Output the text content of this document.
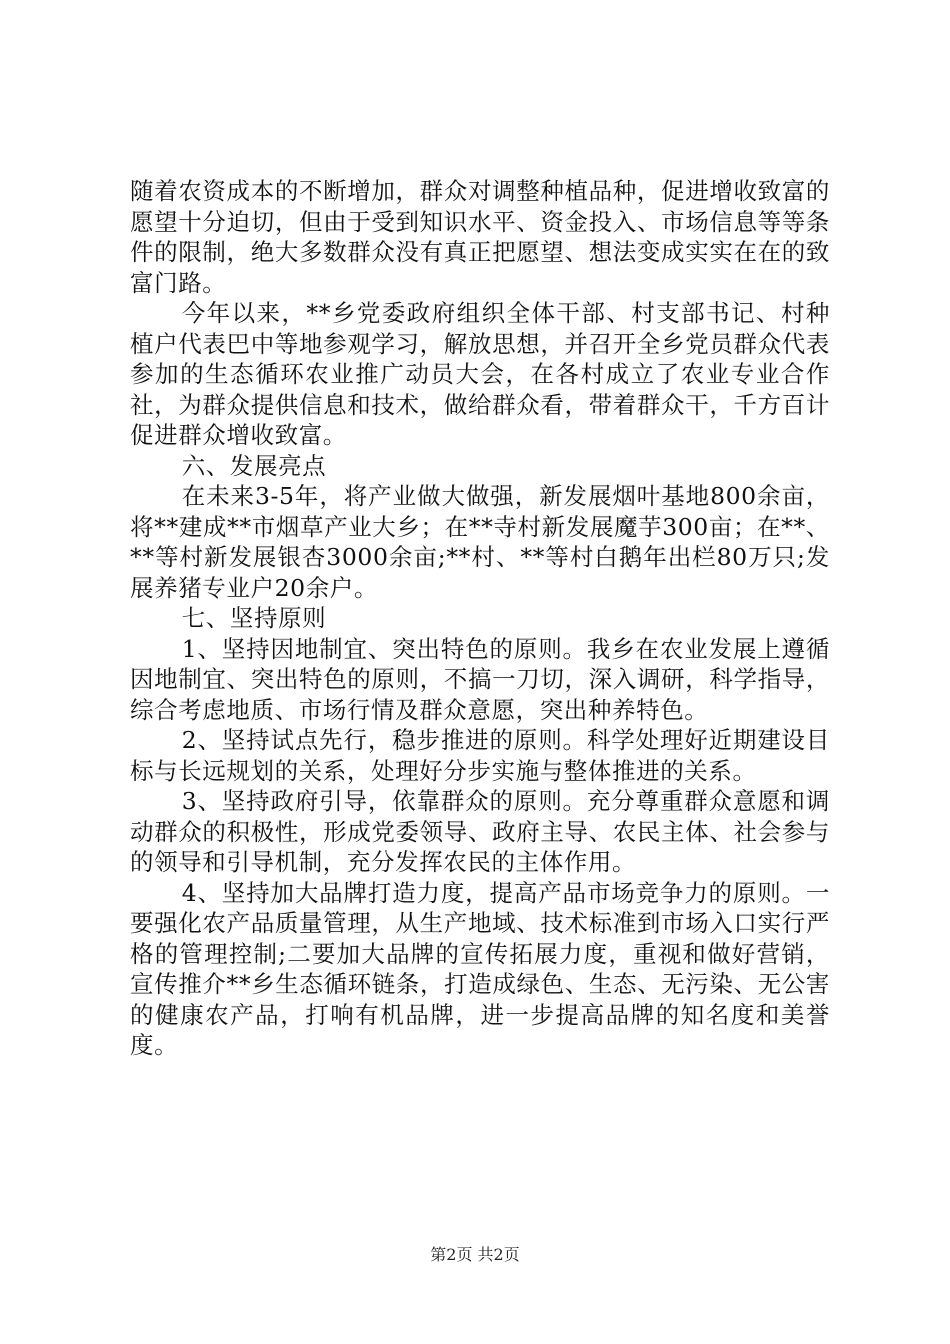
随着农资成本的不断增加，群众对调整种植品种，促进增收致富的愿望十分迫切，但由于受到知识水平、资金投入、市场信息等等条件的限制，绝大多数群众没有真正把愿望、想法变成实实在在的致富门路。

今年以来，**乡党委政府组织全体干部、村支部书记、村种植户代表巴中等地参观学习，解放思想，并召开全乡党员群众代表参加的生态循环农业推广动员大会，在各村成立了农业专业合作社，为群众提供信息和技术，做给群众看，带着群众干，千方百计促进群众增收致富。

六、发展亮点

在未来3-5年，将产业做大做强，新发展烟叶基地800余亩，将**建成**市烟草产业大乡；在**寺村新发展魔芋300亩；在**、**等村新发展银杏3000余亩;**村、**等村白鹅年出栏80万只;发展养猪专业户20余户。

七、坚持原则

1、坚持因地制宜、突出特色的原则。我乡在农业发展上遵循因地制宜、突出特色的原则，不搞一刀切，深入调研，科学指导，综合考虑地质、市场行情及群众意愿，突出种养特色。

2、坚持试点先行，稳步推进的原则。科学处理好近期建设目标与长远规划的关系，处理好分步实施与整体推进的关系。

3、坚持政府引导，依靠群众的原则。充分尊重群众意愿和调动群众的积极性，形成党委领导、政府主导、农民主体、社会参与的领导和引导机制，充分发挥农民的主体作用。

4、坚持加大品牌打造力度，提高产品市场竞争力的原则。一要强化农产品质量管理，从生产地域、技术标准到市场入口实行严格的管理控制;二要加大品牌的宣传拓展力度，重视和做好营销，宣传推介**乡生态循环链条，打造成绿色、生态、无污染、无公害的健康农产品，打响有机品牌，进一步提高品牌的知名度和美誉度。

第2页 共2页
